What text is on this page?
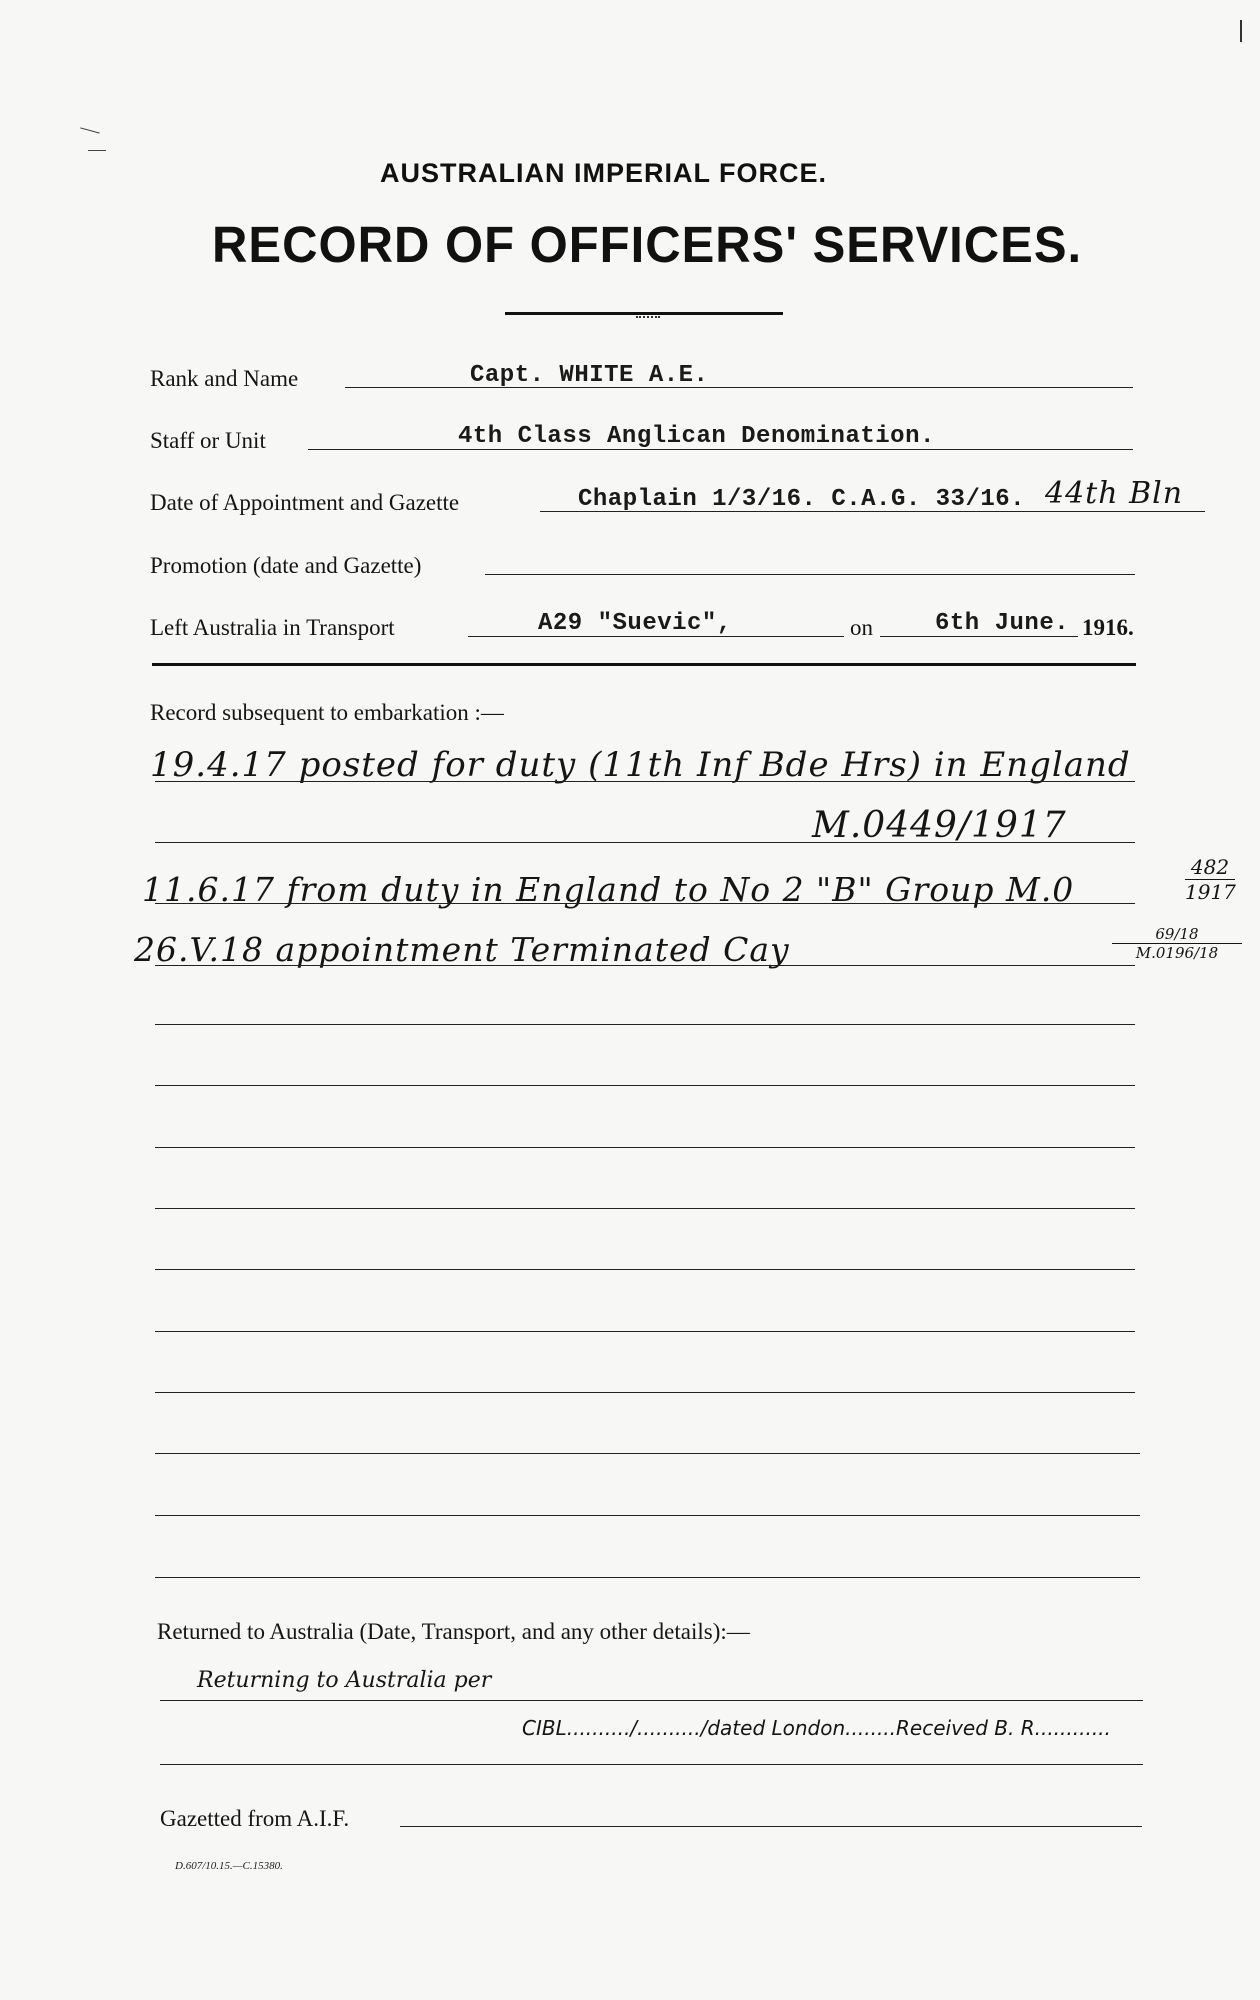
AUSTRALIAN IMPERIAL FORCE.
RECORD OF OFFICERS' SERVICES.
Rank and Name	Capt. WHITE A.E.
Staff or Unit	4th Class Anglican Denomination.
Date of Appointment and Gazette	Chaplain 1/3/16. C.A.G. 33/16. 44th Bln
Promotion (date and Gazette)
Left Australia in Transport	A29 "Suevic",	on	6th June. 1916.
Record subsequent to embarkation :—
19.4.17 posted for duty (11th Inf Bde Hrs) in England
M.0449/1917
11.6.17 from duty in England to No 2 "B" Group M.0	$\frac{482}{1917}$
26.V.18 appointment Terminated Cay	$\frac{69/18}{M.0196/18}$
Returned to Australia (Date, Transport, and any other details):—
Returning to Australia per
CIBL........../........../dated London........Received B. R............
Gazetted from A.I.F.
D.607/10.15.—C.15380.
